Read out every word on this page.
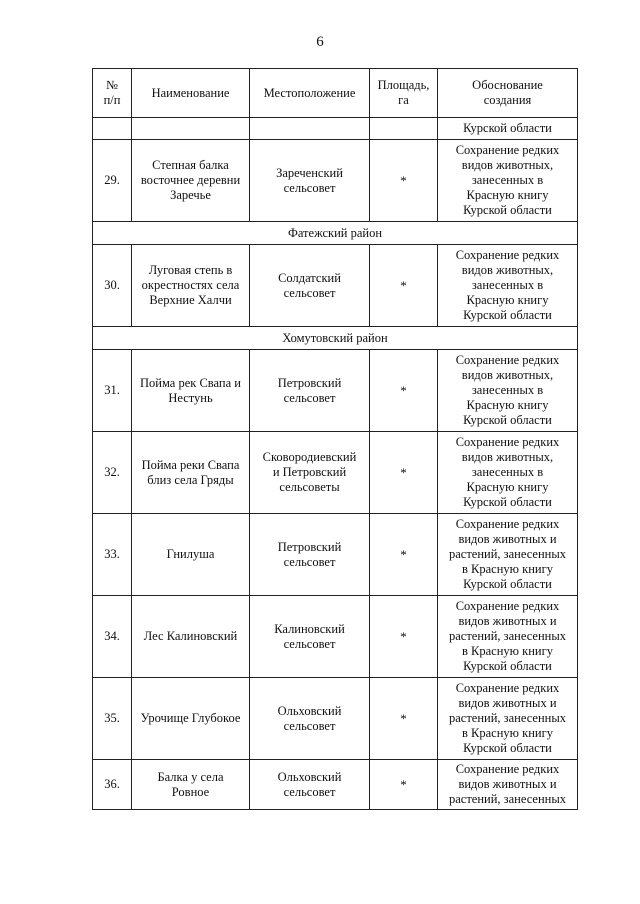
6
№
п/п	Наименование	Местоположение	Площадь,
га	Обоснование
создания
				Курской области
29.	Степная балка
восточнее деревни
Заречье	Зареченский
сельсовет	*	Сохранение редких
видов животных,
занесенных в
Красную книгу
Курской области
Фатежский район				
30.	Луговая степь в
окрестностях села
Верхние Халчи	Солдатский
сельсовет	*	Сохранение редких
видов животных,
занесенных в
Красную книгу
Курской области
Хомутовский район				
31.	Пойма рек Свапа и
Нестунь	Петровский
сельсовет	*	Сохранение редких
видов животных,
занесенных в
Красную книгу
Курской области
32.	Пойма реки Свапа
близ села Гряды	Сковородиевский
и Петровский
сельсоветы	*	Сохранение редких
видов животных,
занесенных в
Красную книгу
Курской области
33.	Гнилуша	Петровский
сельсовет	*	Сохранение редких
видов животных и
растений, занесенных
в Красную книгу
Курской области
34.	Лес Калиновский	Калиновский
сельсовет	*	Сохранение редких
видов животных и
растений, занесенных
в Красную книгу
Курской области
35.	Урочище Глубокое	Ольховский
сельсовет	*	Сохранение редких
видов животных и
растений, занесенных
в Красную книгу
Курской области
36.	Балка у села
Ровное	Ольховский
сельсовет	*	Сохранение редких
видов животных и
растений, занесенных
